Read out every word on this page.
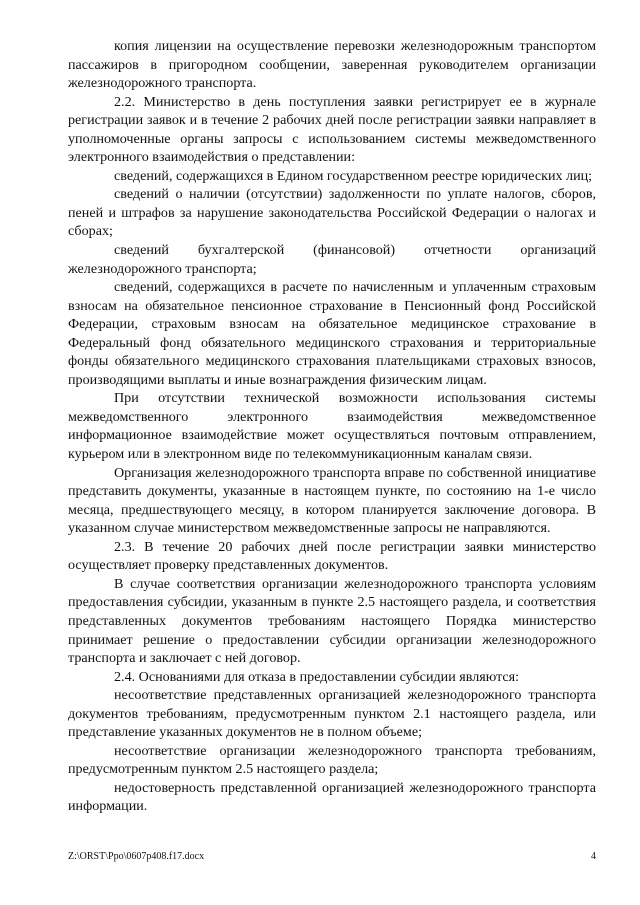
копия лицензии на осуществление перевозки железнодорожным транспортом пассажиров в пригородном сообщении, заверенная руководителем организации железнодорожного транспорта.

2.2. Министерство в день поступления заявки регистрирует ее в журнале регистрации заявок и в течение 2 рабочих дней после регистрации заявки направляет в уполномоченные органы запросы с использованием системы межведомственного электронного взаимодействия о представлении:

сведений, содержащихся в Едином государственном реестре юридических лиц;

сведений о наличии (отсутствии) задолженности по уплате налогов, сборов, пеней и штрафов за нарушение законодательства Российской Федерации о налогах и сборах;

сведений бухгалтерской (финансовой) отчетности организаций железнодорожного транспорта;

сведений, содержащихся в расчете по начисленным и уплаченным страховым взносам на обязательное пенсионное страхование в Пенсионный фонд Российской Федерации, страховым взносам на обязательное медицинское страхование в Федеральный фонд обязательного медицинского страхования и территориальные фонды обязательного медицинского страхования плательщиками страховых взносов, производящими выплаты и иные вознаграждения физическим лицам.

При отсутствии технической возможности использования системы межведомственного электронного взаимодействия межведомственное информационное взаимодействие может осуществляться почтовым отправлением, курьером или в электронном виде по телекоммуникационным каналам связи.

Организация железнодорожного транспорта вправе по собственной инициативе представить документы, указанные в настоящем пункте, по состоянию на 1-е число месяца, предшествующего месяцу, в котором планируется заключение договора. В указанном случае министерством межведомственные запросы не направляются.

2.3. В течение 20 рабочих дней после регистрации заявки министерство осуществляет проверку представленных документов.

В случае соответствия организации железнодорожного транспорта условиям предоставления субсидии, указанным в пункте 2.5 настоящего раздела, и соответствия представленных документов требованиям настоящего Порядка министерство принимает решение о предоставлении субсидии организации железнодорожного транспорта и заключает с ней договор.

2.4. Основаниями для отказа в предоставлении субсидии являются:

несоответствие представленных организацией железнодорожного транспорта документов требованиям, предусмотренным пунктом 2.1 настоящего раздела, или представление указанных документов не в полном объеме;

несоответствие организации железнодорожного транспорта требованиям, предусмотренным пунктом 2.5 настоящего раздела;

недостоверность представленной организацией железнодорожного транспорта информации.

Z:\ORST\Ppo\0607p408.f17.docx	4
